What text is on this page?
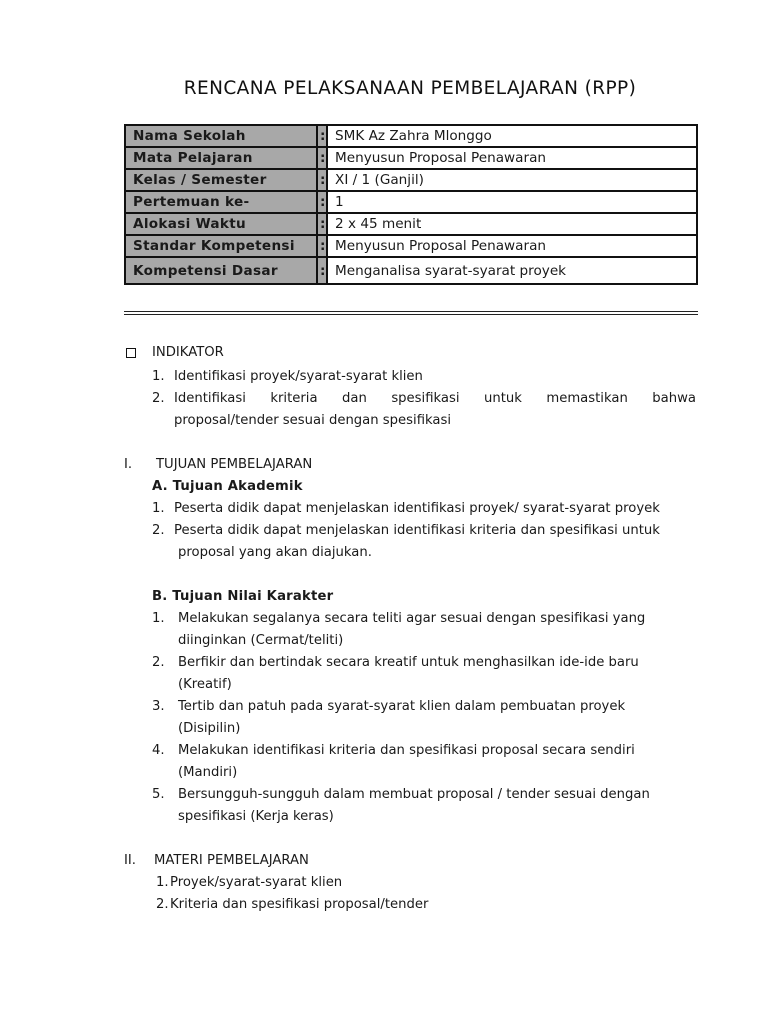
RENCANA PELAKSANAAN PEMBELAJARAN (RPP)
Nama Sekolah	:	SMK Az Zahra Mlonggo
Mata Pelajaran	:	Menyusun Proposal Penawaran
Kelas / Semester	:	XI / 1 (Ganjil)
Pertemuan ke-	:	1
Alokasi Waktu	:	2 x 45 menit
Standar Kompetensi	:	Menyusun Proposal Penawaran
Kompetensi Dasar	:	Menganalisa syarat-syarat proyek
INDIKATOR
1. Identifikasi proyek/syarat-syarat klien
2. Identifikasi kriteria dan spesifikasi untuk memastikan bahwa
proposal/tender sesuai dengan spesifikasi
I. TUJUAN PEMBELAJARAN
A. Tujuan Akademik
1. Peserta didik dapat menjelaskan identifikasi proyek/ syarat-syarat proyek
2. Peserta didik dapat menjelaskan identifikasi kriteria dan spesifikasi untuk
proposal yang akan diajukan.
B. Tujuan Nilai Karakter
1. Melakukan segalanya secara teliti agar sesuai dengan spesifikasi yang
diinginkan (Cermat/teliti)
2. Berfikir dan bertindak secara kreatif untuk menghasilkan ide-ide baru
(Kreatif)
3. Tertib dan patuh pada syarat-syarat klien dalam pembuatan proyek
(Disipilin)
4. Melakukan identifikasi kriteria dan spesifikasi proposal secara sendiri
(Mandiri)
5. Bersungguh-sungguh dalam membuat proposal / tender sesuai dengan
spesifikasi (Kerja keras)
II. MATERI PEMBELAJARAN
1. Proyek/syarat-syarat klien
2. Kriteria dan spesifikasi proposal/tender
